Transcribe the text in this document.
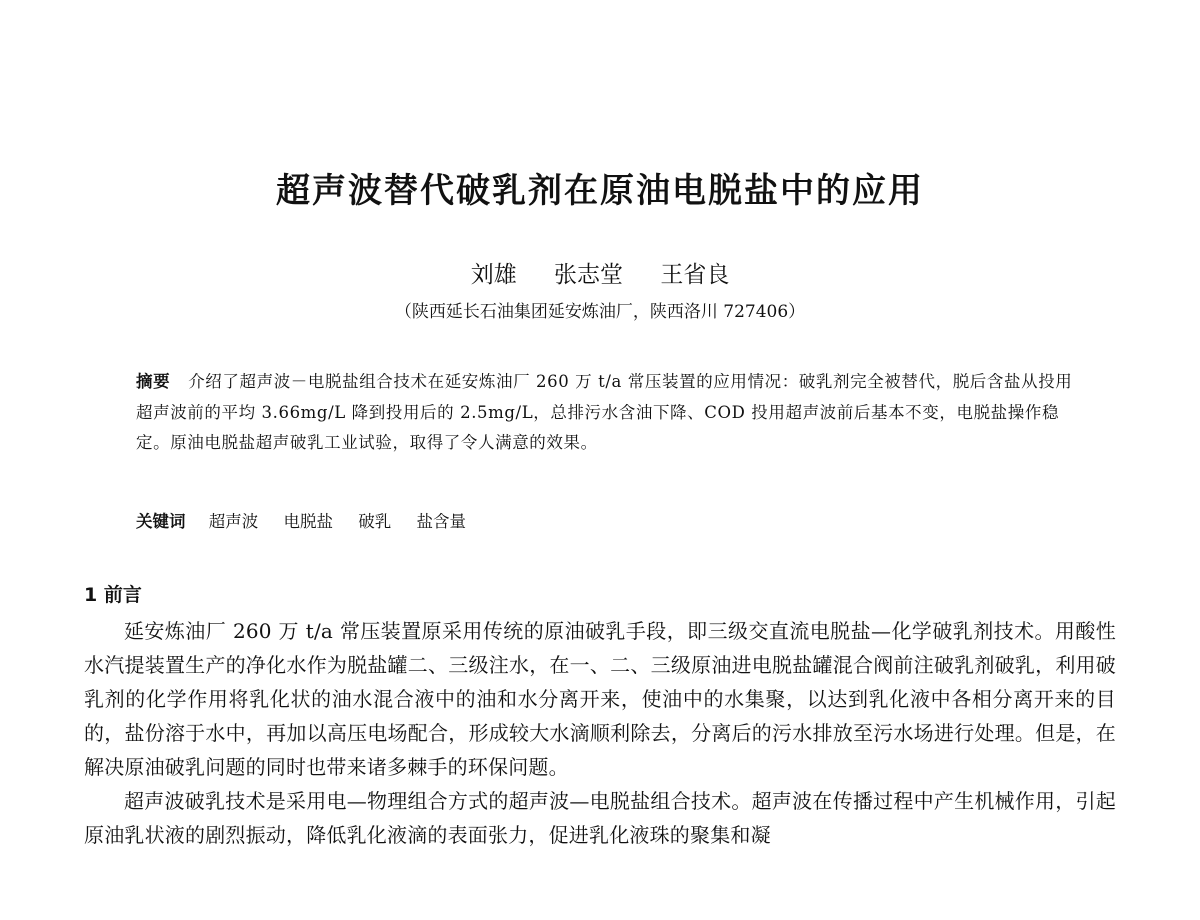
超声波替代破乳剂在原油电脱盐中的应用
刘雄 张志堂 王省良
（陕西延长石油集团延安炼油厂，陕西洛川 727406）

摘要 介绍了超声波－电脱盐组合技术在延安炼油厂 260 万 t/a 常压装置的应用情况：破乳剂完全被替代，脱后含盐从投用超声波前的平均 3.66mg/L 降到投用后的 2.5mg/L，总排污水含油下降、COD 投用超声波前后基本不变，电脱盐操作稳定。原油电脱盐超声破乳工业试验，取得了令人满意的效果。

关键词 超声波 电脱盐 破乳 盐含量
1 前言

延安炼油厂 260 万 t/a 常压装置原采用传统的原油破乳手段，即三级交直流电脱盐—化学破乳剂技术。用酸性水汽提装置生产的净化水作为脱盐罐二、三级注水，在一、二、三级原油进电脱盐罐混合阀前注破乳剂破乳，利用破乳剂的化学作用将乳化状的油水混合液中的油和水分离开来，使油中的水集聚，以达到乳化液中各相分离开来的目的，盐份溶于水中，再加以高压电场配合，形成较大水滴顺利除去，分离后的污水排放至污水场进行处理。但是，在解决原油破乳问题的同时也带来诸多棘手的环保问题。

超声波破乳技术是采用电—物理组合方式的超声波—电脱盐组合技术。超声波在传播过程中产生机械作用，引起原油乳状液的剧烈振动，降低乳化液滴的表面张力，促进乳化液珠的聚集和凝
